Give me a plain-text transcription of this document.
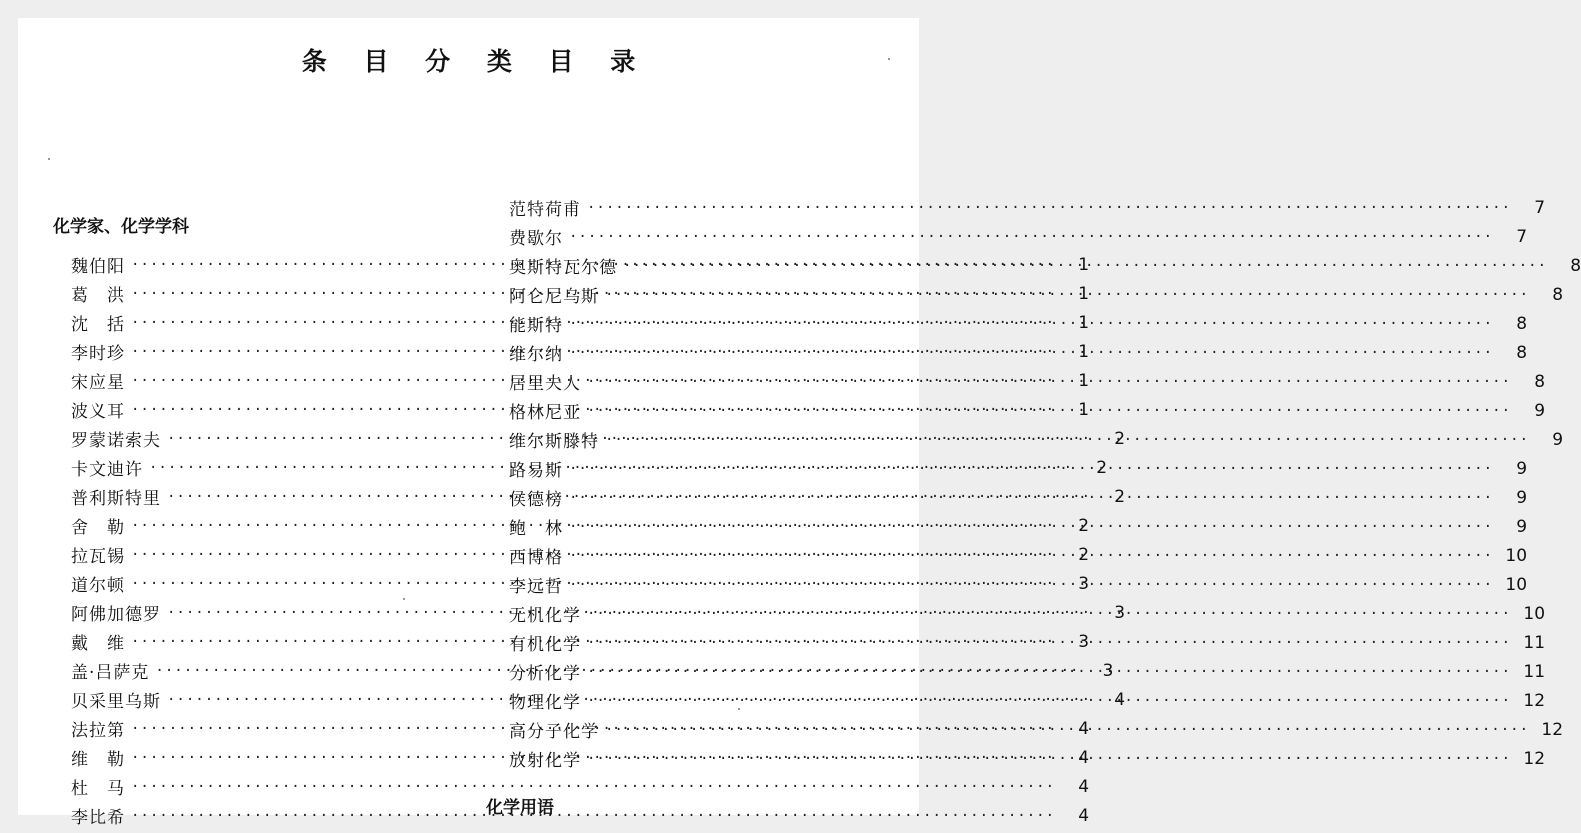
条 目 分 类 目 录
化学家、化学学科
魏伯阳 ·····	1
葛　洪 ·····	1
沈　括 ·····	1
李时珍 ·····	1
宋应星 ·····	1
波义耳 ·····	1
罗蒙诺索夫 ·····	2
卡文迪许 ·····	2
普利斯特里 ·····	2
舍　勒 ·····	2
拉瓦锡 ·····	2
道尔顿 ·····	3
阿佛加德罗 ·····	3
戴　维 ·····	3
盖·吕萨克 ·····	3
贝采里乌斯 ·····	4
法拉第 ·····	4
维　勒 ·····	4
杜　马 ·····	4
李比希 ·····	4
范特荷甫 ·····	7
费歇尔 ·····	7
奥斯特瓦尔德 ·····	8
阿仑尼乌斯 ·····	8
能斯特 ·····	8
维尔纳 ·····	8
居里夫人 ·····	8
格林尼亚 ·····	9
维尔斯滕特 ·····	9
路易斯 ·····	9
侯德榜 ·····	9
鲍　林 ·····	9
西博格 ·····	10
李远哲 ·····	10
无机化学 ·····	10
有机化学 ·····	11
分析化学 ·····	11
物理化学 ·····	12
高分子化学 ·····	12
放射化学 ·····	12
化学用语
